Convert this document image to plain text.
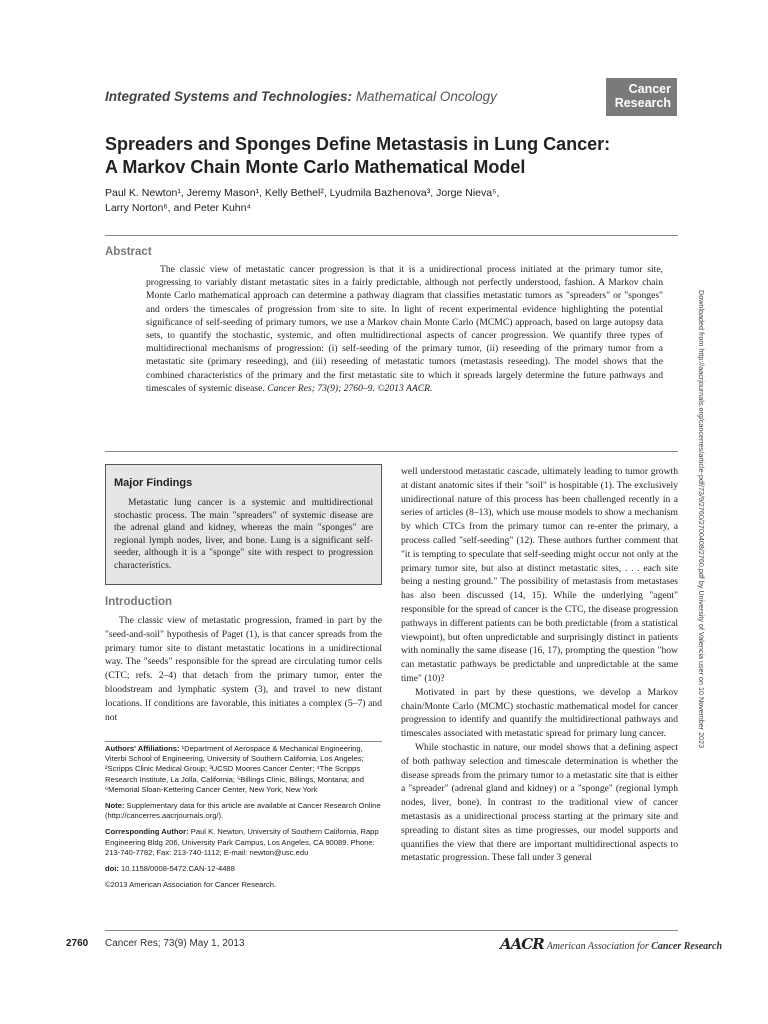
Integrated Systems and Technologies: Mathematical Oncology	Cancer
Research
Spreaders and Sponges Define Metastasis in Lung Cancer:
A Markov Chain Monte Carlo Mathematical Model
Paul K. Newton¹, Jeremy Mason¹, Kelly Bethel², Lyudmila Bazhenova³, Jorge Nieva⁵,
Larry Norton⁶, and Peter Kuhn⁴
Abstract
The classic view of metastatic cancer progression is that it is a unidirectional process initiated at the primary tumor site, progressing to variably distant metastatic sites in a fairly predictable, although not perfectly understood, fashion. A Markov chain Monte Carlo mathematical approach can determine a pathway diagram that classifies metastatic tumors as "spreaders" or "sponges" and orders the timescales of progression from site to site. In light of recent experimental evidence highlighting the potential significance of self-seeding of primary tumors, we use a Markov chain Monte Carlo (MCMC) approach, based on large autopsy data sets, to quantify the stochastic, systemic, and often multidirectional aspects of cancer progression. We quantify three types of multidirectional mechanisms of progression: (i) self-seeding of the primary tumor, (ii) reseeding of the primary tumor from a metastatic site (primary reseeding), and (iii) reseeding of metastatic tumors (metastasis reseeding). The model shows that the combined characteristics of the primary and the first metastatic site to which it spreads largely determine the future pathways and timescales of systemic disease. Cancer Res; 73(9); 2760–9. ©2013 AACR.
Major Findings
Metastatic lung cancer is a systemic and multidirectional stochastic process. The main "spreaders" of systemic disease are the adrenal gland and kidney, whereas the main "sponges" are regional lymph nodes, liver, and bone. Lung is a significant self-seeder, although it is a "sponge" site with respect to progression characteristics.
Introduction

The classic view of metastatic progression, framed in part by the "seed-and-soil" hypothesis of Paget (1), is that cancer spreads from the primary tumor site to distant metastatic locations in a unidirectional way. The "seeds" responsible for the spread are circulating tumor cells (CTC; refs. 2–4) that detach from the primary tumor, enter the bloodstream and lymphatic system (3), and travel to new distant locations. If conditions are favorable, this initiates a complex (5–7) and not

well understood metastatic cascade, ultimately leading to tumor growth at distant anatomic sites if their "soil" is hospitable (1). The exclusively unidirectional nature of this process has been challenged recently in a series of articles (8–13), which use mouse models to show a mechanism by which CTCs from the primary tumor can re-enter the primary, a process called "self-seeding" (12). These authors further comment that "it is tempting to speculate that self-seeding might occur not only at the primary tumor site, but also at distinct metastatic sites, . . . each site being a nesting ground." The possibility of metastasis from metastases has also been discussed (14, 15). While the underlying "agent" responsible for the spread of cancer is the CTC, the disease progression pathways in different patients can be both predictable (from a statistical viewpoint), but often unpredictable and surprisingly distinct in patients with nominally the same disease (16, 17), prompting the question "how can metastatic pathways be predictable and unpredictable at the same time" (10)?

Motivated in part by these questions, we develop a Markov chain/Monte Carlo (MCMC) stochastic mathematical model for cancer progression to identify and quantify the multidirectional pathways and timescales associated with metastatic spread for primary lung cancer.

While stochastic in nature, our model shows that a defining aspect of both pathway selection and timescale determination is whether the disease spreads from the primary tumor to a metastatic site that is either a "spreader" (adrenal gland and kidney) or a "sponge" (regional lymph nodes, liver, bone). In contrast to the traditional view of cancer metastasis as a unidirectional process starting at the primary site and spreading to distant sites as time progresses, our model supports and quantifies the view that there are important multidirectional aspects to metastatic progression. These fall under 3 general

Authors' Affiliations: ¹Department of Aerospace & Mechanical Engineering, Viterbi School of Engineering, University of Southern California, Los Angeles; ²Scripps Clinic Medical Group; ³UCSD Moores Cancer Center; ⁴The Scripps Research Institute, La Jolla, California; ⁵Billings Clinic, Billings, Montana; and ⁶Memorial Sloan-Kettering Cancer Center, New York, New York

Note: Supplementary data for this article are available at Cancer Research Online (http://cancerres.aacrjournals.org/).

Corresponding Author: Paul K. Newton, University of Southern California, Rapp Engineering Bldg 206, University Park Campus, Los Angeles, CA 90089. Phone: 213-740-7782; Fax: 213-740-1112; E-mail: newton@usc.edu

doi: 10.1158/0008-5472.CAN-12-4488

©2013 American Association for Cancer Research.

2760 Cancer Res; 73(9) May 1, 2013	AACR American Association for Cancer Research
Downloaded from http://aacrjournals.org/cancerres/article-pdf/73/9/2760/2700408/2760.pdf by University of Valencia user on 10 November 2023
